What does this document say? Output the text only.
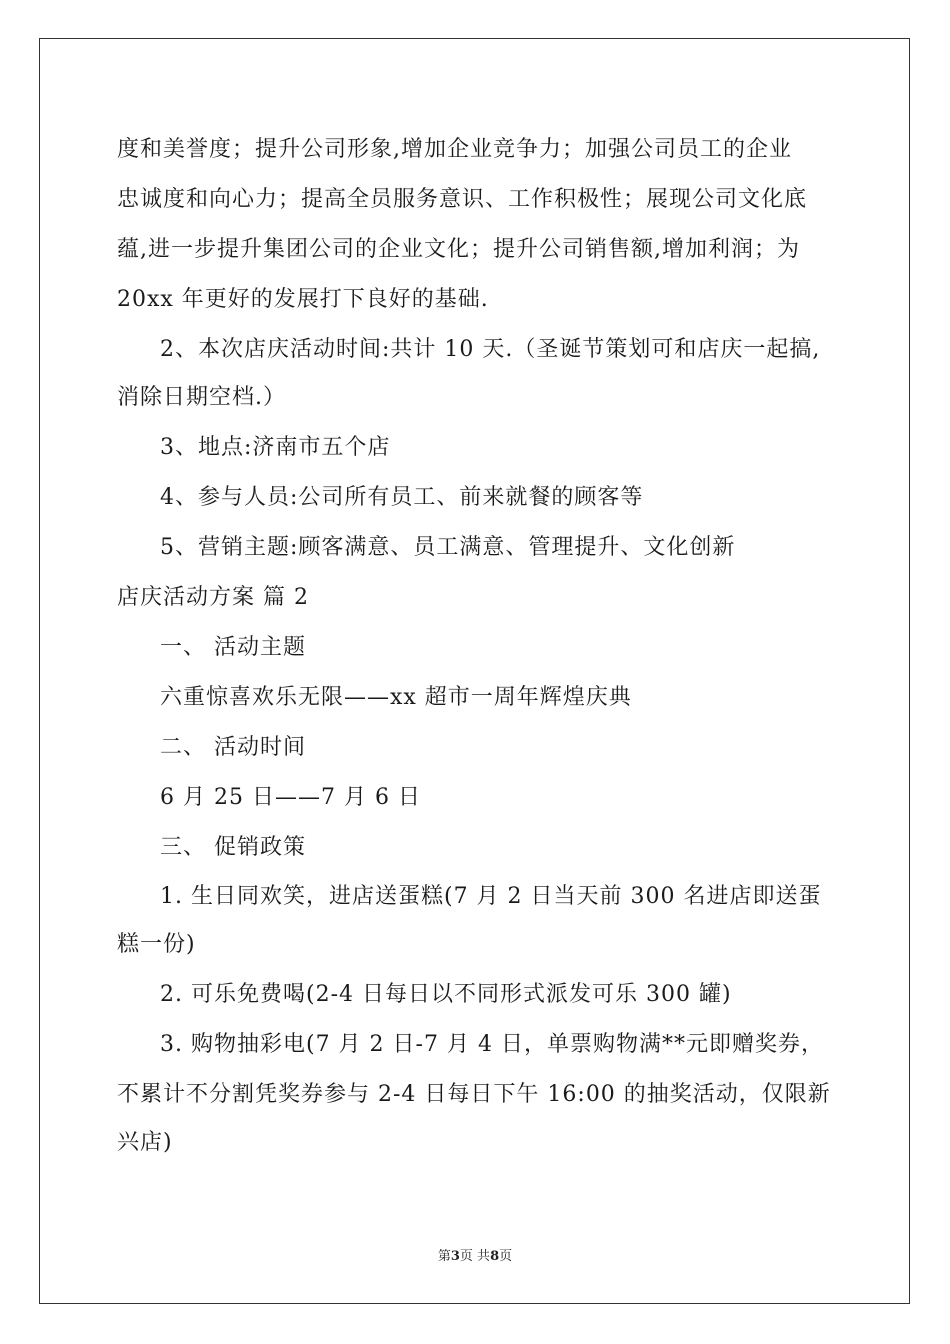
度和美誉度；提升公司形象,增加企业竞争力；加强公司员工的企业
忠诚度和向心力；提高全员服务意识、工作积极性；展现公司文化底
蕴,进一步提升集团公司的企业文化；提升公司销售额,增加利润；为
20xx 年更好的发展打下良好的基础.
2、本次店庆活动时间:共计 10 天.（圣诞节策划可和店庆一起搞,
消除日期空档.）
3、地点:济南市五个店
4、参与人员:公司所有员工、前来就餐的顾客等
5、营销主题:顾客满意、员工满意、管理提升、文化创新
店庆活动方案 篇 2
一、 活动主题
六重惊喜欢乐无限——xx 超市一周年辉煌庆典
二、 活动时间
6 月 25 日——7 月 6 日
三、 促销政策
1. 生日同欢笑，进店送蛋糕(7 月 2 日当天前 300 名进店即送蛋
糕一份)
2. 可乐免费喝(2-4 日每日以不同形式派发可乐 300 罐)
3. 购物抽彩电(7 月 2 日-7 月 4 日，单票购物满**元即赠奖券，
不累计不分割凭奖券参与 2-4 日每日下午 16:00 的抽奖活动，仅限新
兴店)
第3页 共8页
